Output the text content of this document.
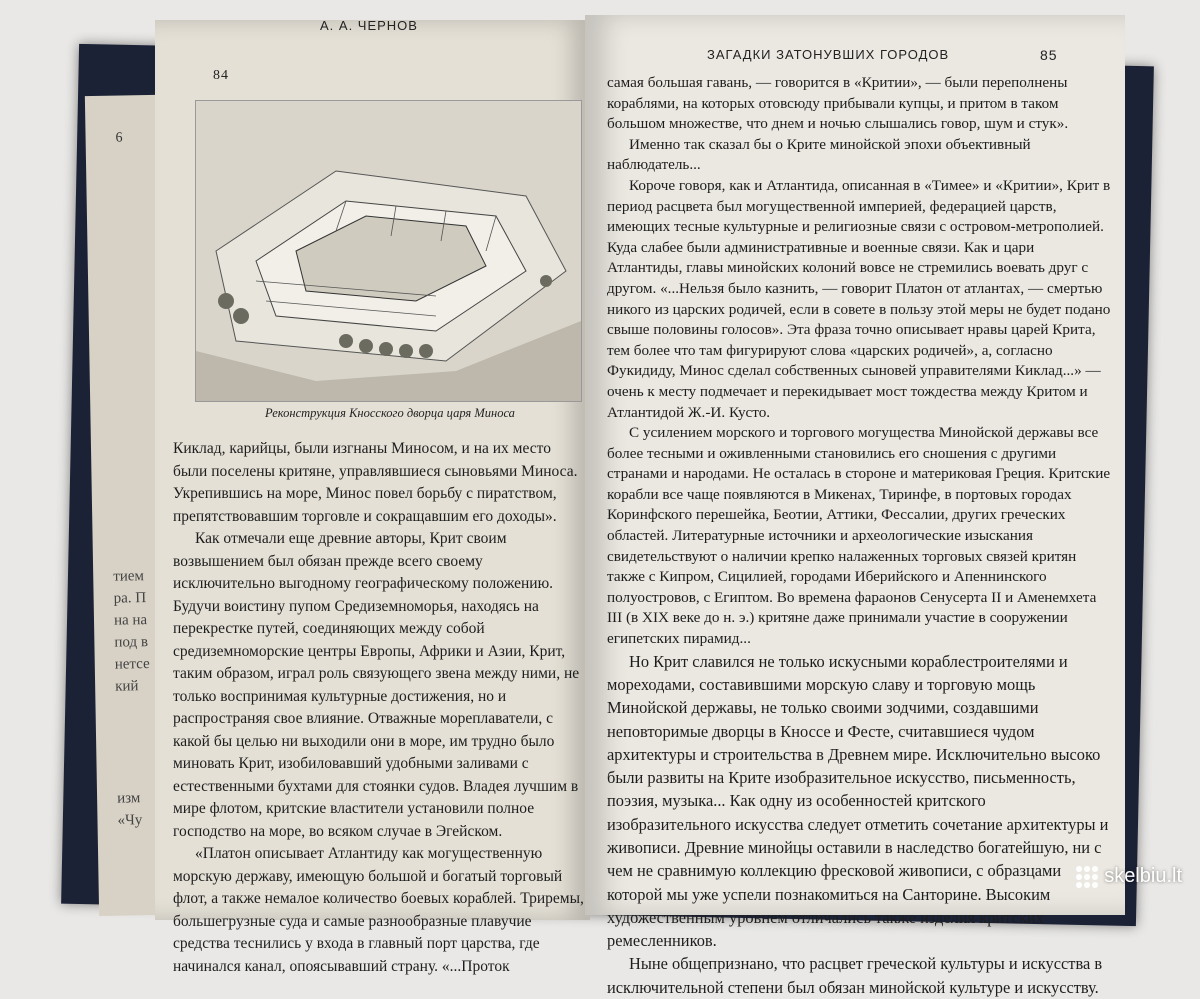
6
тием
ра. П
на на
под в
нетсе
кий
изм
«Чу
А. А. ЧЕРНОВ
84
Реконструкция Кносского дворца царя Миноса

Киклад, карийцы, были изгнаны Миносом, и на их место были поселены критяне, управлявшиеся сыновьями Миноса. Укрепившись на море, Минос повел борьбу с пиратством, препятствовавшим торговле и сокращавшим его доходы».

Как отмечали еще древние авторы, Крит своим возвышением был обязан прежде всего своему исключительно выгодному географическому положению. Будучи воистину пупом Средиземноморья, находясь на перекрестке путей, соединяющих между собой средиземноморские центры Европы, Африки и Азии, Крит, таким образом, играл роль связующего звена между ними, не только воспринимая культурные достижения, но и распространяя свое влияние. Отважные мореплаватели, с какой бы целью ни выходили они в море, им трудно было миновать Крит, изобиловавший удобными заливами с естественными бухтами для стоянки судов. Владея лучшим в мире флотом, критские властители установили полное господство на море, во всяком случае в Эгейском.

«Платон описывает Атлантиду как могущественную морскую державу, имеющую большой и богатый торговый флот, а также немалое количество боевых кораблей. Триремы, большегрузные суда и самые разнообразные плавучие средства теснились у входа в главный порт царства, где начинался канал, опоясывавший страну. «...Проток

ЗАГАДКИ ЗАТОНУВШИХ ГОРОДОВ	85

самая большая гавань, — говорится в «Критии», — были переполнены кораблями, на которых отовсюду прибывали купцы, и притом в таком большом множестве, что днем и ночью слышались говор, шум и стук».

Именно так сказал бы о Крите минойской эпохи объективный наблюдатель...

Короче говоря, как и Атлантида, описанная в «Тимее» и «Критии», Крит в период расцвета был могущественной империей, федерацией царств, имеющих тесные культурные и религиозные связи с островом-метрополией. Куда слабее были административные и военные связи. Как и цари Атлантиды, главы минойских колоний вовсе не стремились воевать друг с другом. «...Нельзя было казнить, — говорит Платон от атлантах, — смертью никого из царских родичей, если в совете в пользу этой меры не будет подано свыше половины голосов». Эта фраза точно описывает нравы царей Крита, тем более что там фигурируют слова «царских родичей», а, согласно Фукидиду, Минос сделал собственных сыновей управителями Киклад...» — очень к месту подмечает и перекидывает мост тождества между Критом и Атлантидой Ж.-И. Кусто.

С усилением морского и торгового могущества Минойской державы все более тесными и оживленными становились его сношения с другими странами и народами. Не осталась в стороне и материковая Греция. Критские корабли все чаще появляются в Микенах, Тиринфе, в портовых городах Коринфского перешейка, Беотии, Аттики, Фессалии, других греческих областей. Литературные источники и археологические изыскания свидетельствуют о наличии крепко налаженных торговых связей критян также с Кипром, Сицилией, городами Иберийского и Апеннинского полуостровов, с Египтом. Во времена фараонов Сенусерта II и Аменемхета III (в XIX веке до н. э.) критяне даже принимали участие в сооружении египетских пирамид...

Но Крит славился не только искусными кораблестроителями и мореходами, составившими морскую славу и торговую мощь Минойской державы, не только своими зодчими, создавшими неповторимые дворцы в Кноссе и Фесте, считавшиеся чудом архитектуры и строительства в Древнем мире. Исключительно высоко были развиты на Крите изобразительное искусство, письменность, поэзия, музыка... Как одну из особенностей критского изобразительного искусства следует отметить сочетание архитектуры и живописи. Древние минойцы оставили в наследство богатейшую, ни с чем не сравнимую коллекцию фресковой живописи, с образцами которой мы уже успели познакомиться на Санторине. Высоким художественным уровнем отличались также изделия критских ремесленников.

Ныне общепризнано, что расцвет греческой культуры и искусства в исключительной степени был обязан минойской культуре и искусству.

skelbiu.lt
